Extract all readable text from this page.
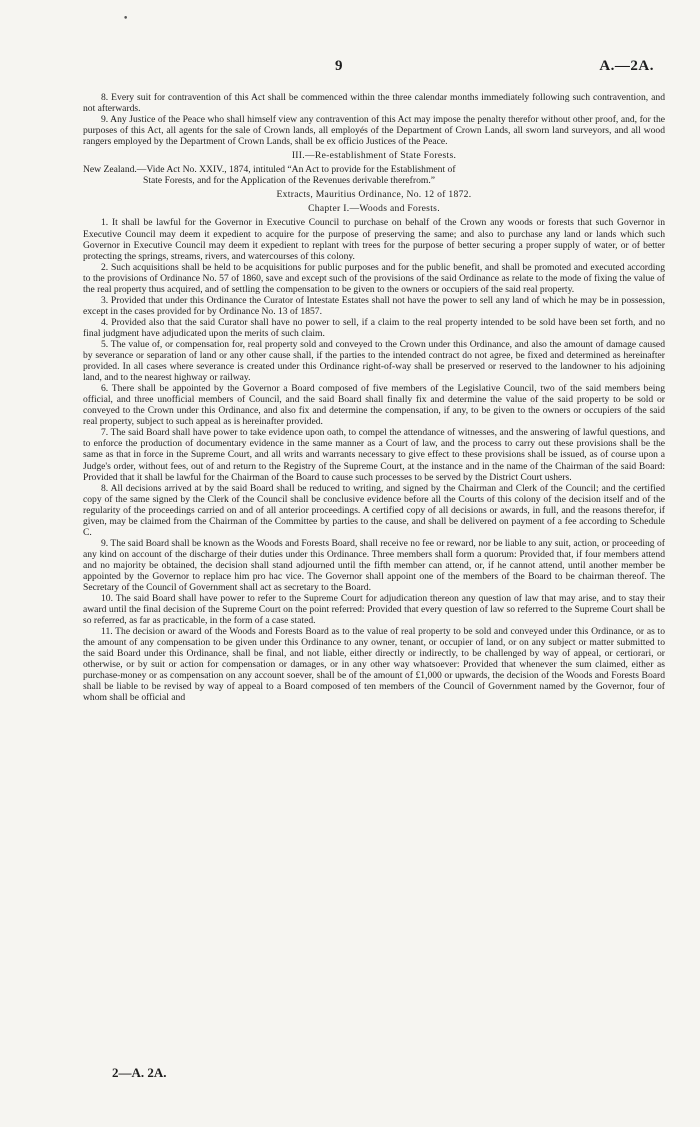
9	A.—2A.
•

8. Every suit for contravention of this Act shall be commenced within the three calendar months immediately following such contravention, and not afterwards.

9. Any Justice of the Peace who shall himself view any contravention of this Act may impose the penalty therefor without other proof, and, for the purposes of this Act, all agents for the sale of Crown lands, all employés of the Department of Crown Lands, all sworn land surveyors, and all wood rangers employed by the Department of Crown Lands, shall be ex officio Justices of the Peace.

III.—Re-establishment of State Forests.

New Zealand.—Vide Act No. XXIV., 1874, intituled “An Act to provide for the Establishment of
State Forests, and for the Application of the Revenues derivable therefrom.”

Extracts, Mauritius Ordinance, No. 12 of 1872.

Chapter I.—Woods and Forests.

1. It shall be lawful for the Governor in Executive Council to purchase on behalf of the Crown any woods or forests that such Governor in Executive Council may deem it expedient to acquire for the purpose of preserving the same; and also to purchase any land or lands which such Governor in Executive Council may deem it expedient to replant with trees for the purpose of better securing a proper supply of water, or of better protecting the springs, streams, rivers, and watercourses of this colony.

2. Such acquisitions shall be held to be acquisitions for public purposes and for the public benefit, and shall be promoted and executed according to the provisions of Ordinance No. 57 of 1860, save and except such of the provisions of the said Ordinance as relate to the mode of fixing the value of the real property thus acquired, and of settling the compensation to be given to the owners or occupiers of the said real property.

3. Provided that under this Ordinance the Curator of Intestate Estates shall not have the power to sell any land of which he may be in possession, except in the cases provided for by Ordinance No. 13 of 1857.

4. Provided also that the said Curator shall have no power to sell, if a claim to the real property intended to be sold have been set forth, and no final judgment have adjudicated upon the merits of such claim.

5. The value of, or compensation for, real property sold and conveyed to the Crown under this Ordinance, and also the amount of damage caused by severance or separation of land or any other cause shall, if the parties to the intended contract do not agree, be fixed and determined as hereinafter provided. In all cases where severance is created under this Ordinance right-of-way shall be preserved or reserved to the landowner to his adjoining land, and to the nearest highway or railway.

6. There shall be appointed by the Governor a Board composed of five members of the Legislative Council, two of the said members being official, and three unofficial members of Council, and the said Board shall finally fix and determine the value of the said property to be sold or conveyed to the Crown under this Ordinance, and also fix and determine the compensation, if any, to be given to the owners or occupiers of the said real property, subject to such appeal as is hereinafter provided.

7. The said Board shall have power to take evidence upon oath, to compel the attendance of witnesses, and the answering of lawful questions, and to enforce the production of documentary evidence in the same manner as a Court of law, and the process to carry out these provisions shall be the same as that in force in the Supreme Court, and all writs and warrants necessary to give effect to these provisions shall be issued, as of course upon a Judge's order, without fees, out of and return to the Registry of the Supreme Court, at the instance and in the name of the Chairman of the said Board: Provided that it shall be lawful for the Chairman of the Board to cause such processes to be served by the District Court ushers.

8. All decisions arrived at by the said Board shall be reduced to writing, and signed by the Chairman and Clerk of the Council; and the certified copy of the same signed by the Clerk of the Council shall be conclusive evidence before all the Courts of this colony of the decision itself and of the regularity of the proceedings carried on and of all anterior proceedings. A certified copy of all decisions or awards, in full, and the reasons therefor, if given, may be claimed from the Chairman of the Committee by parties to the cause, and shall be delivered on payment of a fee according to Schedule C.

9. The said Board shall be known as the Woods and Forests Board, shall receive no fee or reward, nor be liable to any suit, action, or proceeding of any kind on account of the discharge of their duties under this Ordinance. Three members shall form a quorum: Provided that, if four members attend and no majority be obtained, the decision shall stand adjourned until the fifth member can attend, or, if he cannot attend, until another member be appointed by the Governor to replace him pro hac vice. The Governor shall appoint one of the members of the Board to be chairman thereof. The Secretary of the Council of Government shall act as secretary to the Board.

10. The said Board shall have power to refer to the Supreme Court for adjudication thereon any question of law that may arise, and to stay their award until the final decision of the Supreme Court on the point referred: Provided that every question of law so referred to the Supreme Court shall be so referred, as far as practicable, in the form of a case stated.

11. The decision or award of the Woods and Forests Board as to the value of real property to be sold and conveyed under this Ordinance, or as to the amount of any compensation to be given under this Ordinance to any owner, tenant, or occupier of land, or on any subject or matter submitted to the said Board under this Ordinance, shall be final, and not liable, either directly or indirectly, to be challenged by way of appeal, or certiorari, or otherwise, or by suit or action for compensation or damages, or in any other way whatsoever: Provided that whenever the sum claimed, either as purchase-money or as compensation on any account soever, shall be of the amount of £1,000 or upwards, the decision of the Woods and Forests Board shall be liable to be revised by way of appeal to a Board composed of ten members of the Council of Government named by the Governor, four of whom shall be official and

2—A. 2A.
